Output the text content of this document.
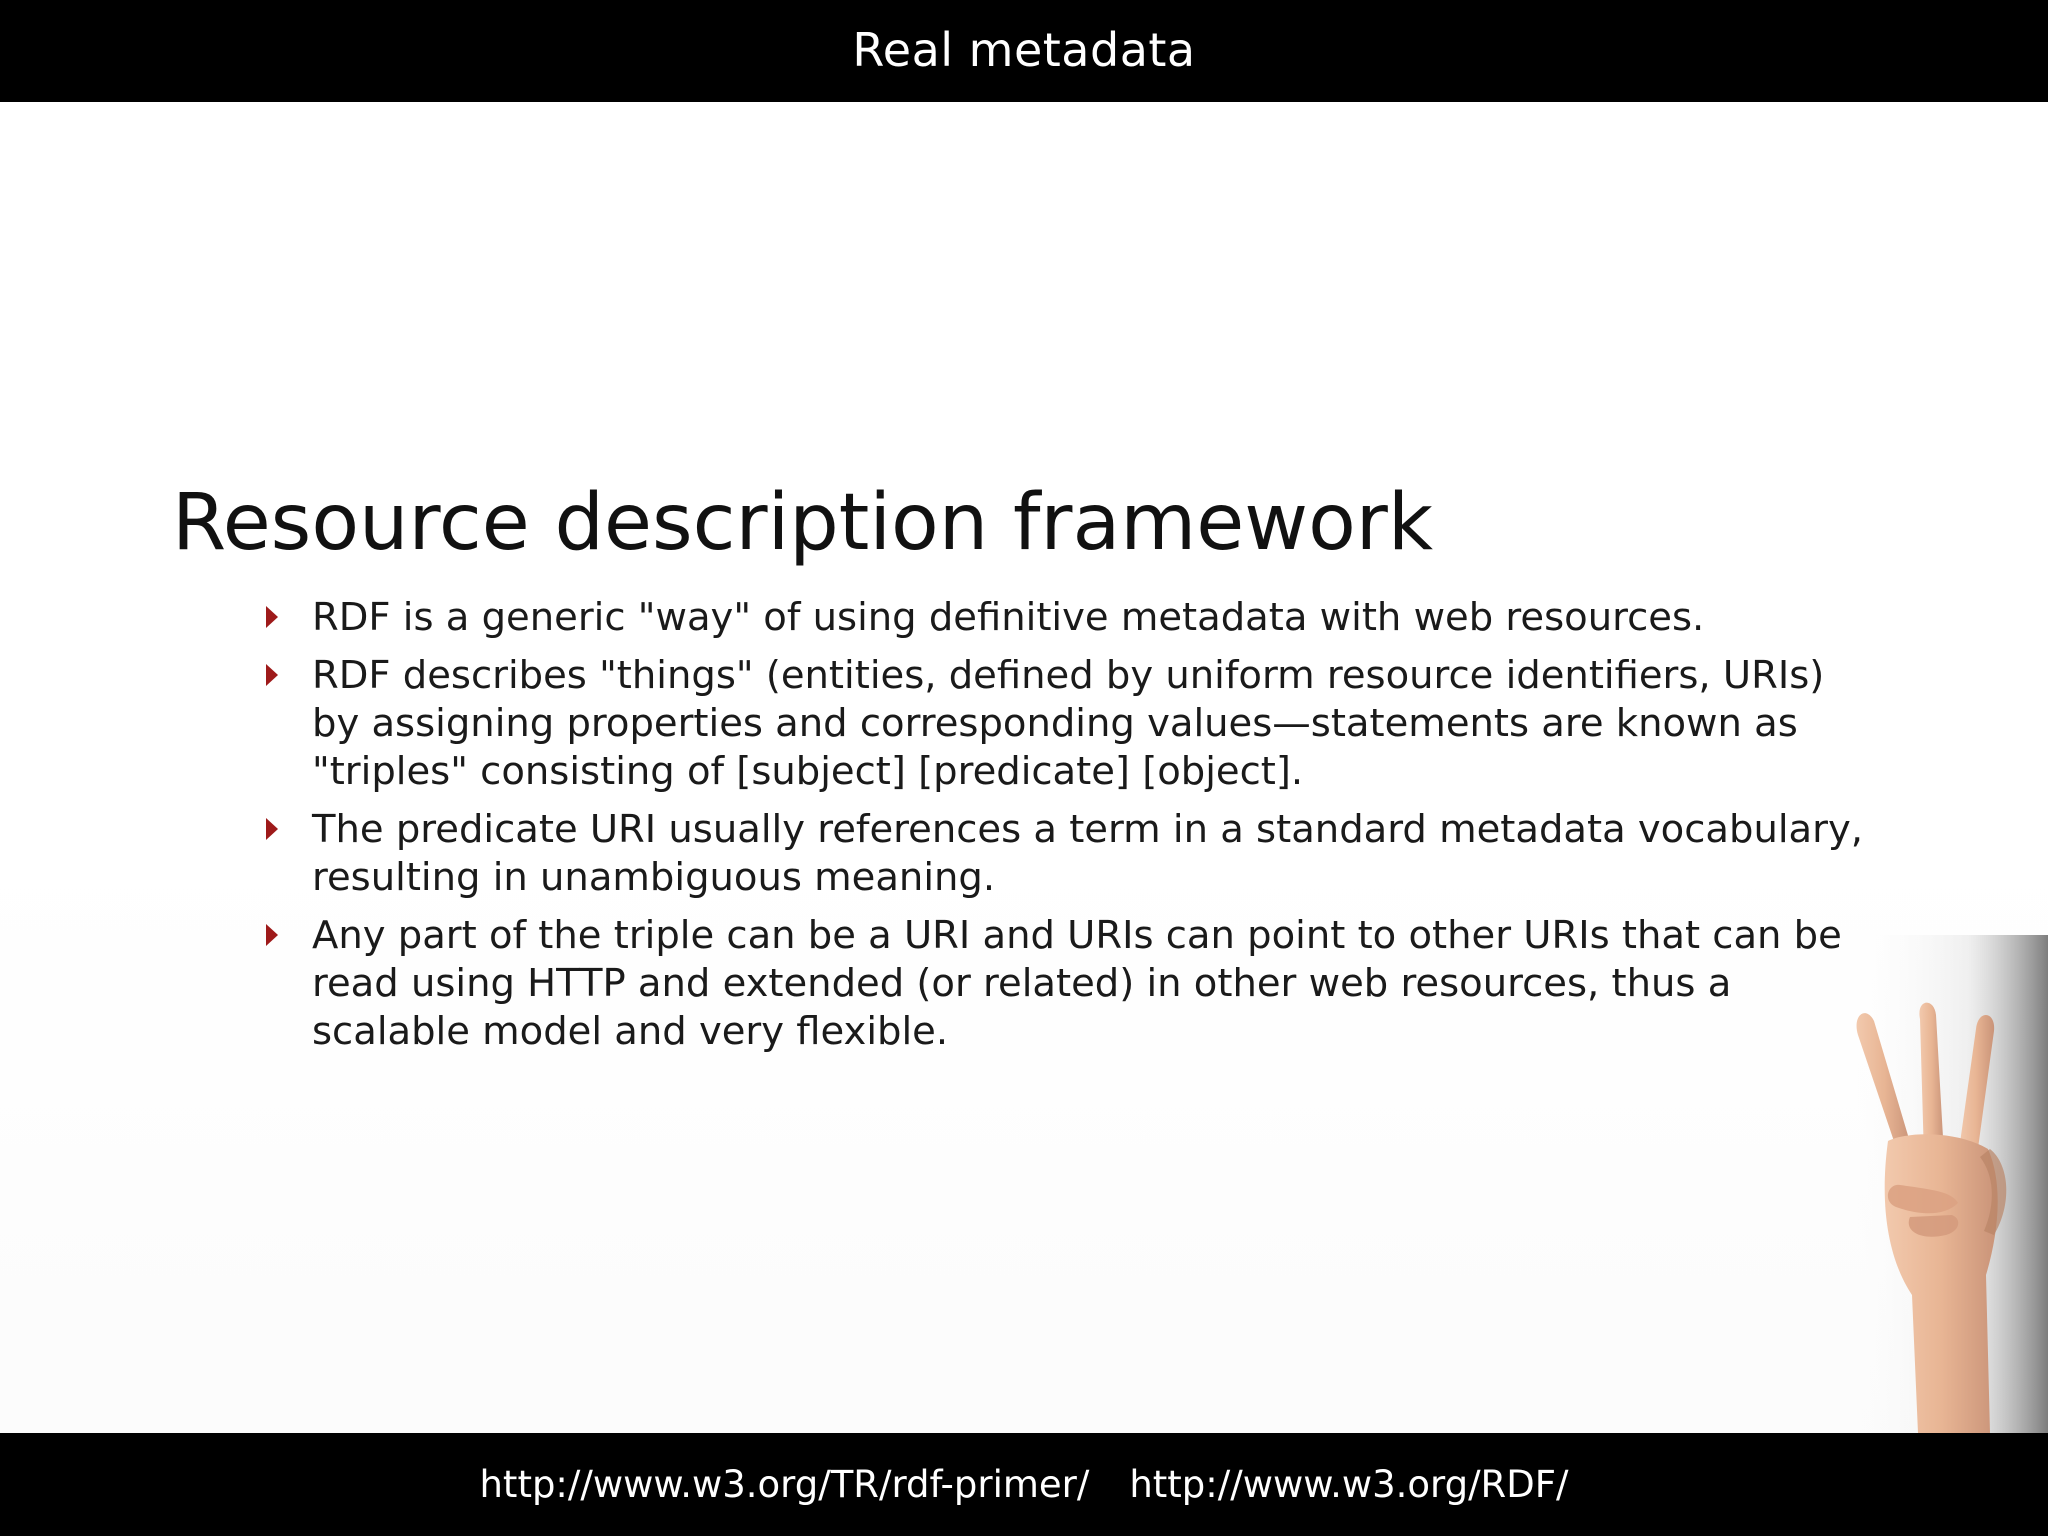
Real metadata
Resource description framework
RDF is a generic "way" of using definitive metadata with web resources.
RDF describes "things" (entities, defined by uniform resource identifiers, URIs) by assigning properties and corresponding values—statements are known as "triples" consisting of [subject] [predicate] [object].
The predicate URI usually references a term in a standard metadata vocabulary, resulting in unambiguous meaning.
Any part of the triple can be a URI and URIs can point to other URIs that can be read using HTTP and extended (or related) in other web resources, thus a scalable model and very flexible.
http://www.w3.org/TR/rdf-primer/ http://www.w3.org/RDF/
